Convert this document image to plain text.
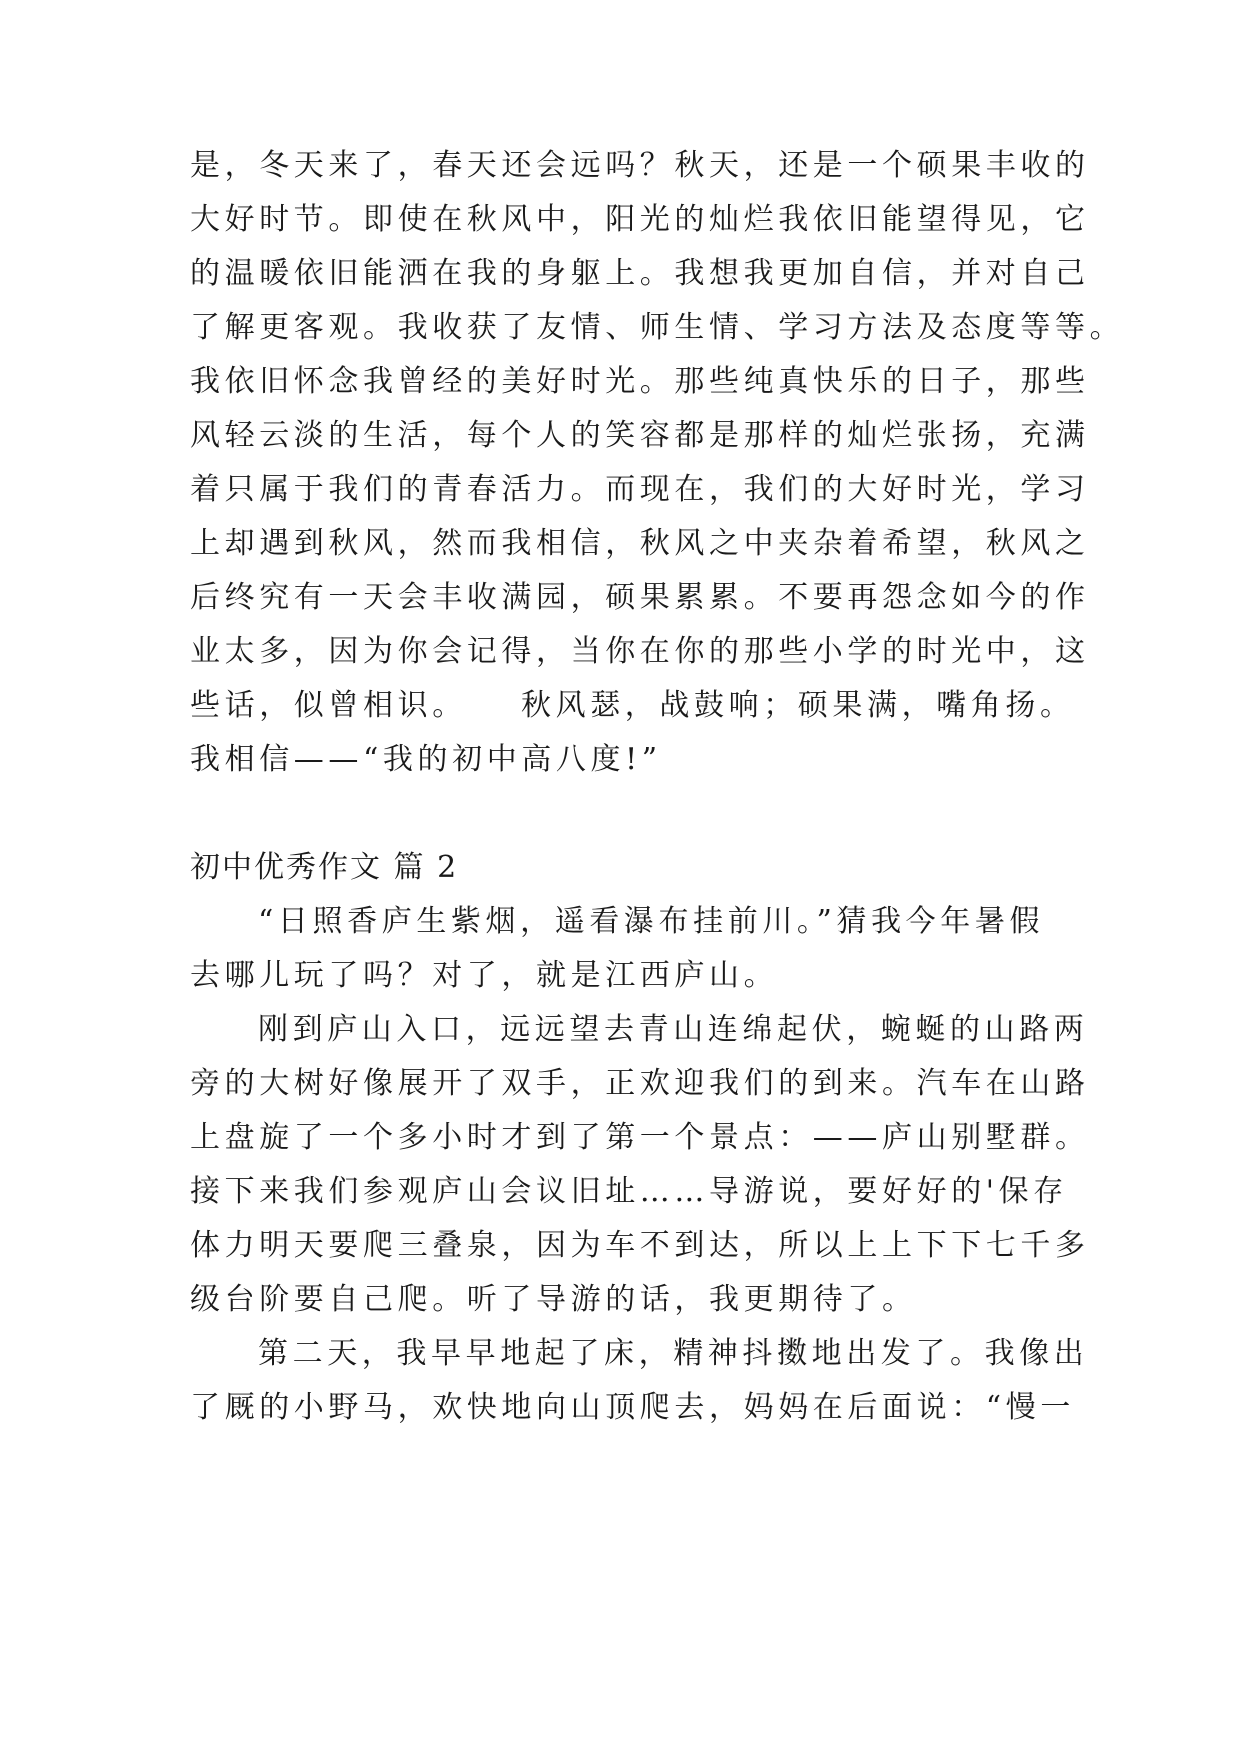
是，冬天来了，春天还会远吗？秋天，还是一个硕果丰收的
大好时节。即使在秋风中，阳光的灿烂我依旧能望得见，它
的温暖依旧能洒在我的身躯上。我想我更加自信，并对自己
了解更客观。我收获了友情、师生情、学习方法及态度等等。
我依旧怀念我曾经的美好时光。那些纯真快乐的日子，那些
风轻云淡的生活，每个人的笑容都是那样的灿烂张扬，充满
着只属于我们的青春活力。而现在，我们的大好时光，学习
上却遇到秋风，然而我相信，秋风之中夹杂着希望，秋风之
后终究有一天会丰收满园，硕果累累。不要再怨念如今的作
业太多，因为你会记得，当你在你的那些小学的时光中，这
些话，似曾相识。　　秋风瑟，战鼓响；硕果满，嘴角扬。
我相信——“我的初中高八度!”
初中优秀作文 篇 2
“日照香庐生紫烟，遥看瀑布挂前川。”猜我今年暑假
去哪儿玩了吗？对了，就是江西庐山。
刚到庐山入口，远远望去青山连绵起伏，蜿蜒的山路两
旁的大树好像展开了双手，正欢迎我们的到来。汽车在山路
上盘旋了一个多小时才到了第一个景点：——庐山别墅群。
接下来我们参观庐山会议旧址……导游说，要好好的'保存
体力明天要爬三叠泉，因为车不到达，所以上上下下七千多
级台阶要自己爬。听了导游的话，我更期待了。
第二天，我早早地起了床，精神抖擞地出发了。我像出
了厩的小野马，欢快地向山顶爬去，妈妈在后面说：“慢一
